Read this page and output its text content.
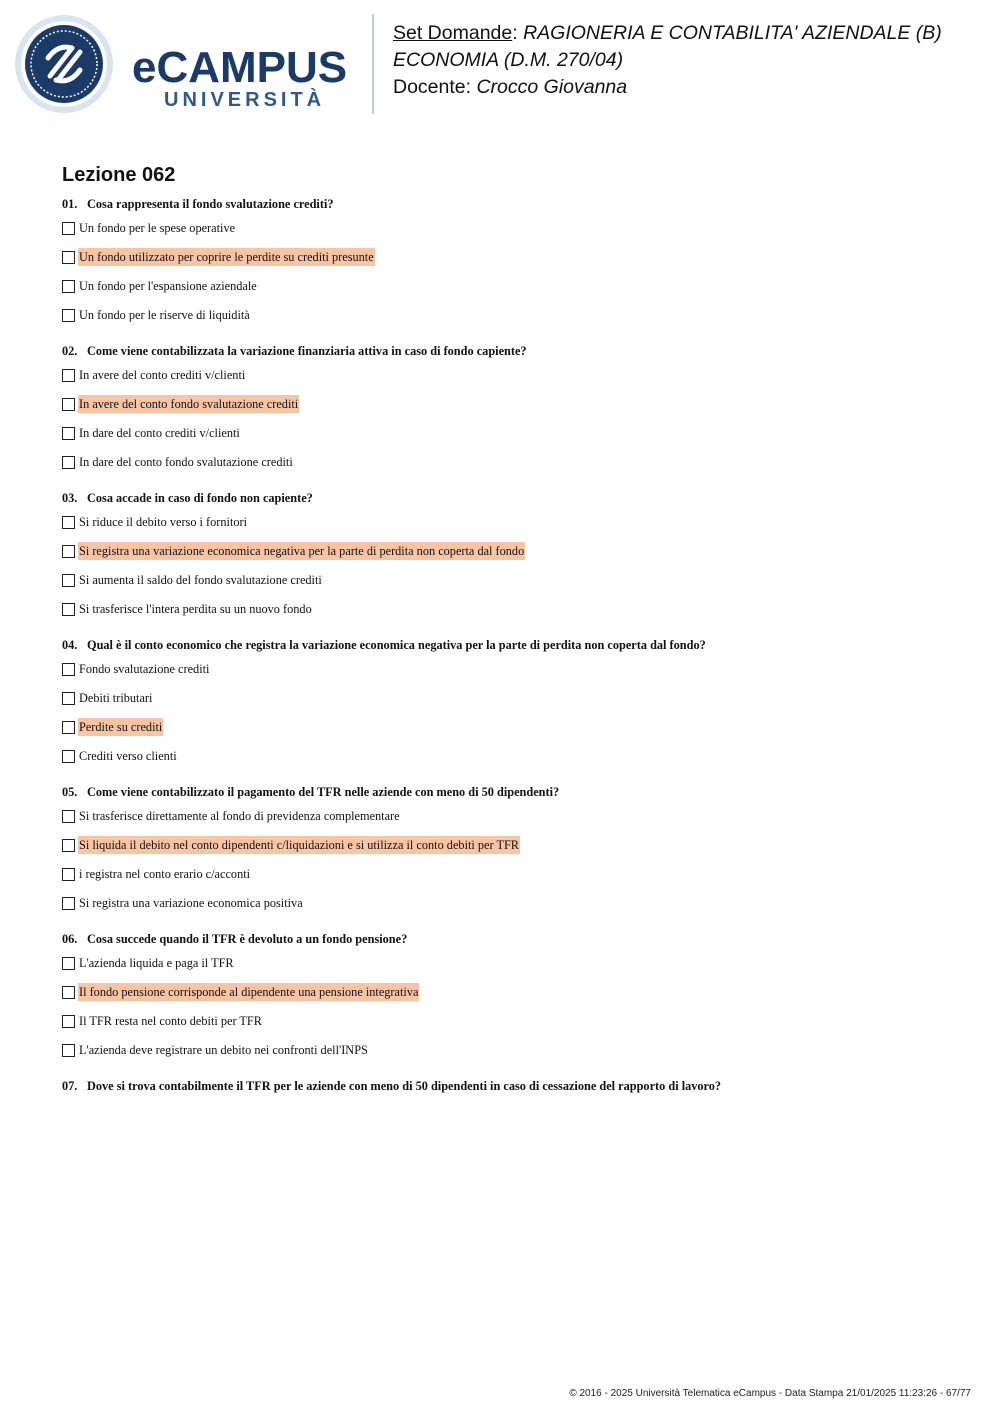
eCAMPUS
UNIVERSITÀ
Set Domande: RAGIONERIA E CONTABILITA' AZIENDALE (B)
ECONOMIA (D.M. 270/04)
Docente: Crocco Giovanna
Lezione 062
01. Cosa rappresenta il fondo svalutazione crediti?
Un fondo per le spese operative
Un fondo utilizzato per coprire le perdite su crediti presunte
Un fondo per l'espansione aziendale
Un fondo per le riserve di liquidità
02. Come viene contabilizzata la variazione finanziaria attiva in caso di fondo capiente?
In avere del conto crediti v/clienti
In avere del conto fondo svalutazione crediti
In dare del conto crediti v/clienti
In dare del conto fondo svalutazione crediti
03. Cosa accade in caso di fondo non capiente?
Si riduce il debito verso i fornitori
Si registra una variazione economica negativa per la parte di perdita non coperta dal fondo
Si aumenta il saldo del fondo svalutazione crediti
Si trasferisce l'intera perdita su un nuovo fondo
04. Qual è il conto economico che registra la variazione economica negativa per la parte di perdita non coperta dal fondo?
Fondo svalutazione crediti
Debiti tributari
Perdite su crediti
Crediti verso clienti
05. Come viene contabilizzato il pagamento del TFR nelle aziende con meno di 50 dipendenti?
Si trasferisce direttamente al fondo di previdenza complementare
Si liquida il debito nel conto dipendenti c/liquidazioni e si utilizza il conto debiti per TFR
i registra nel conto erario c/acconti
Si registra una variazione economica positiva
06. Cosa succede quando il TFR è devoluto a un fondo pensione?
L'azienda liquida e paga il TFR
Il fondo pensione corrisponde al dipendente una pensione integrativa
Il TFR resta nel conto debiti per TFR
L'azienda deve registrare un debito nei confronti dell'INPS
07. Dove si trova contabilmente il TFR per le aziende con meno di 50 dipendenti in caso di cessazione del rapporto di lavoro?
© 2016 - 2025 Università Telematica eCampus - Data Stampa 21/01/2025 11:23:26 - 67/77
